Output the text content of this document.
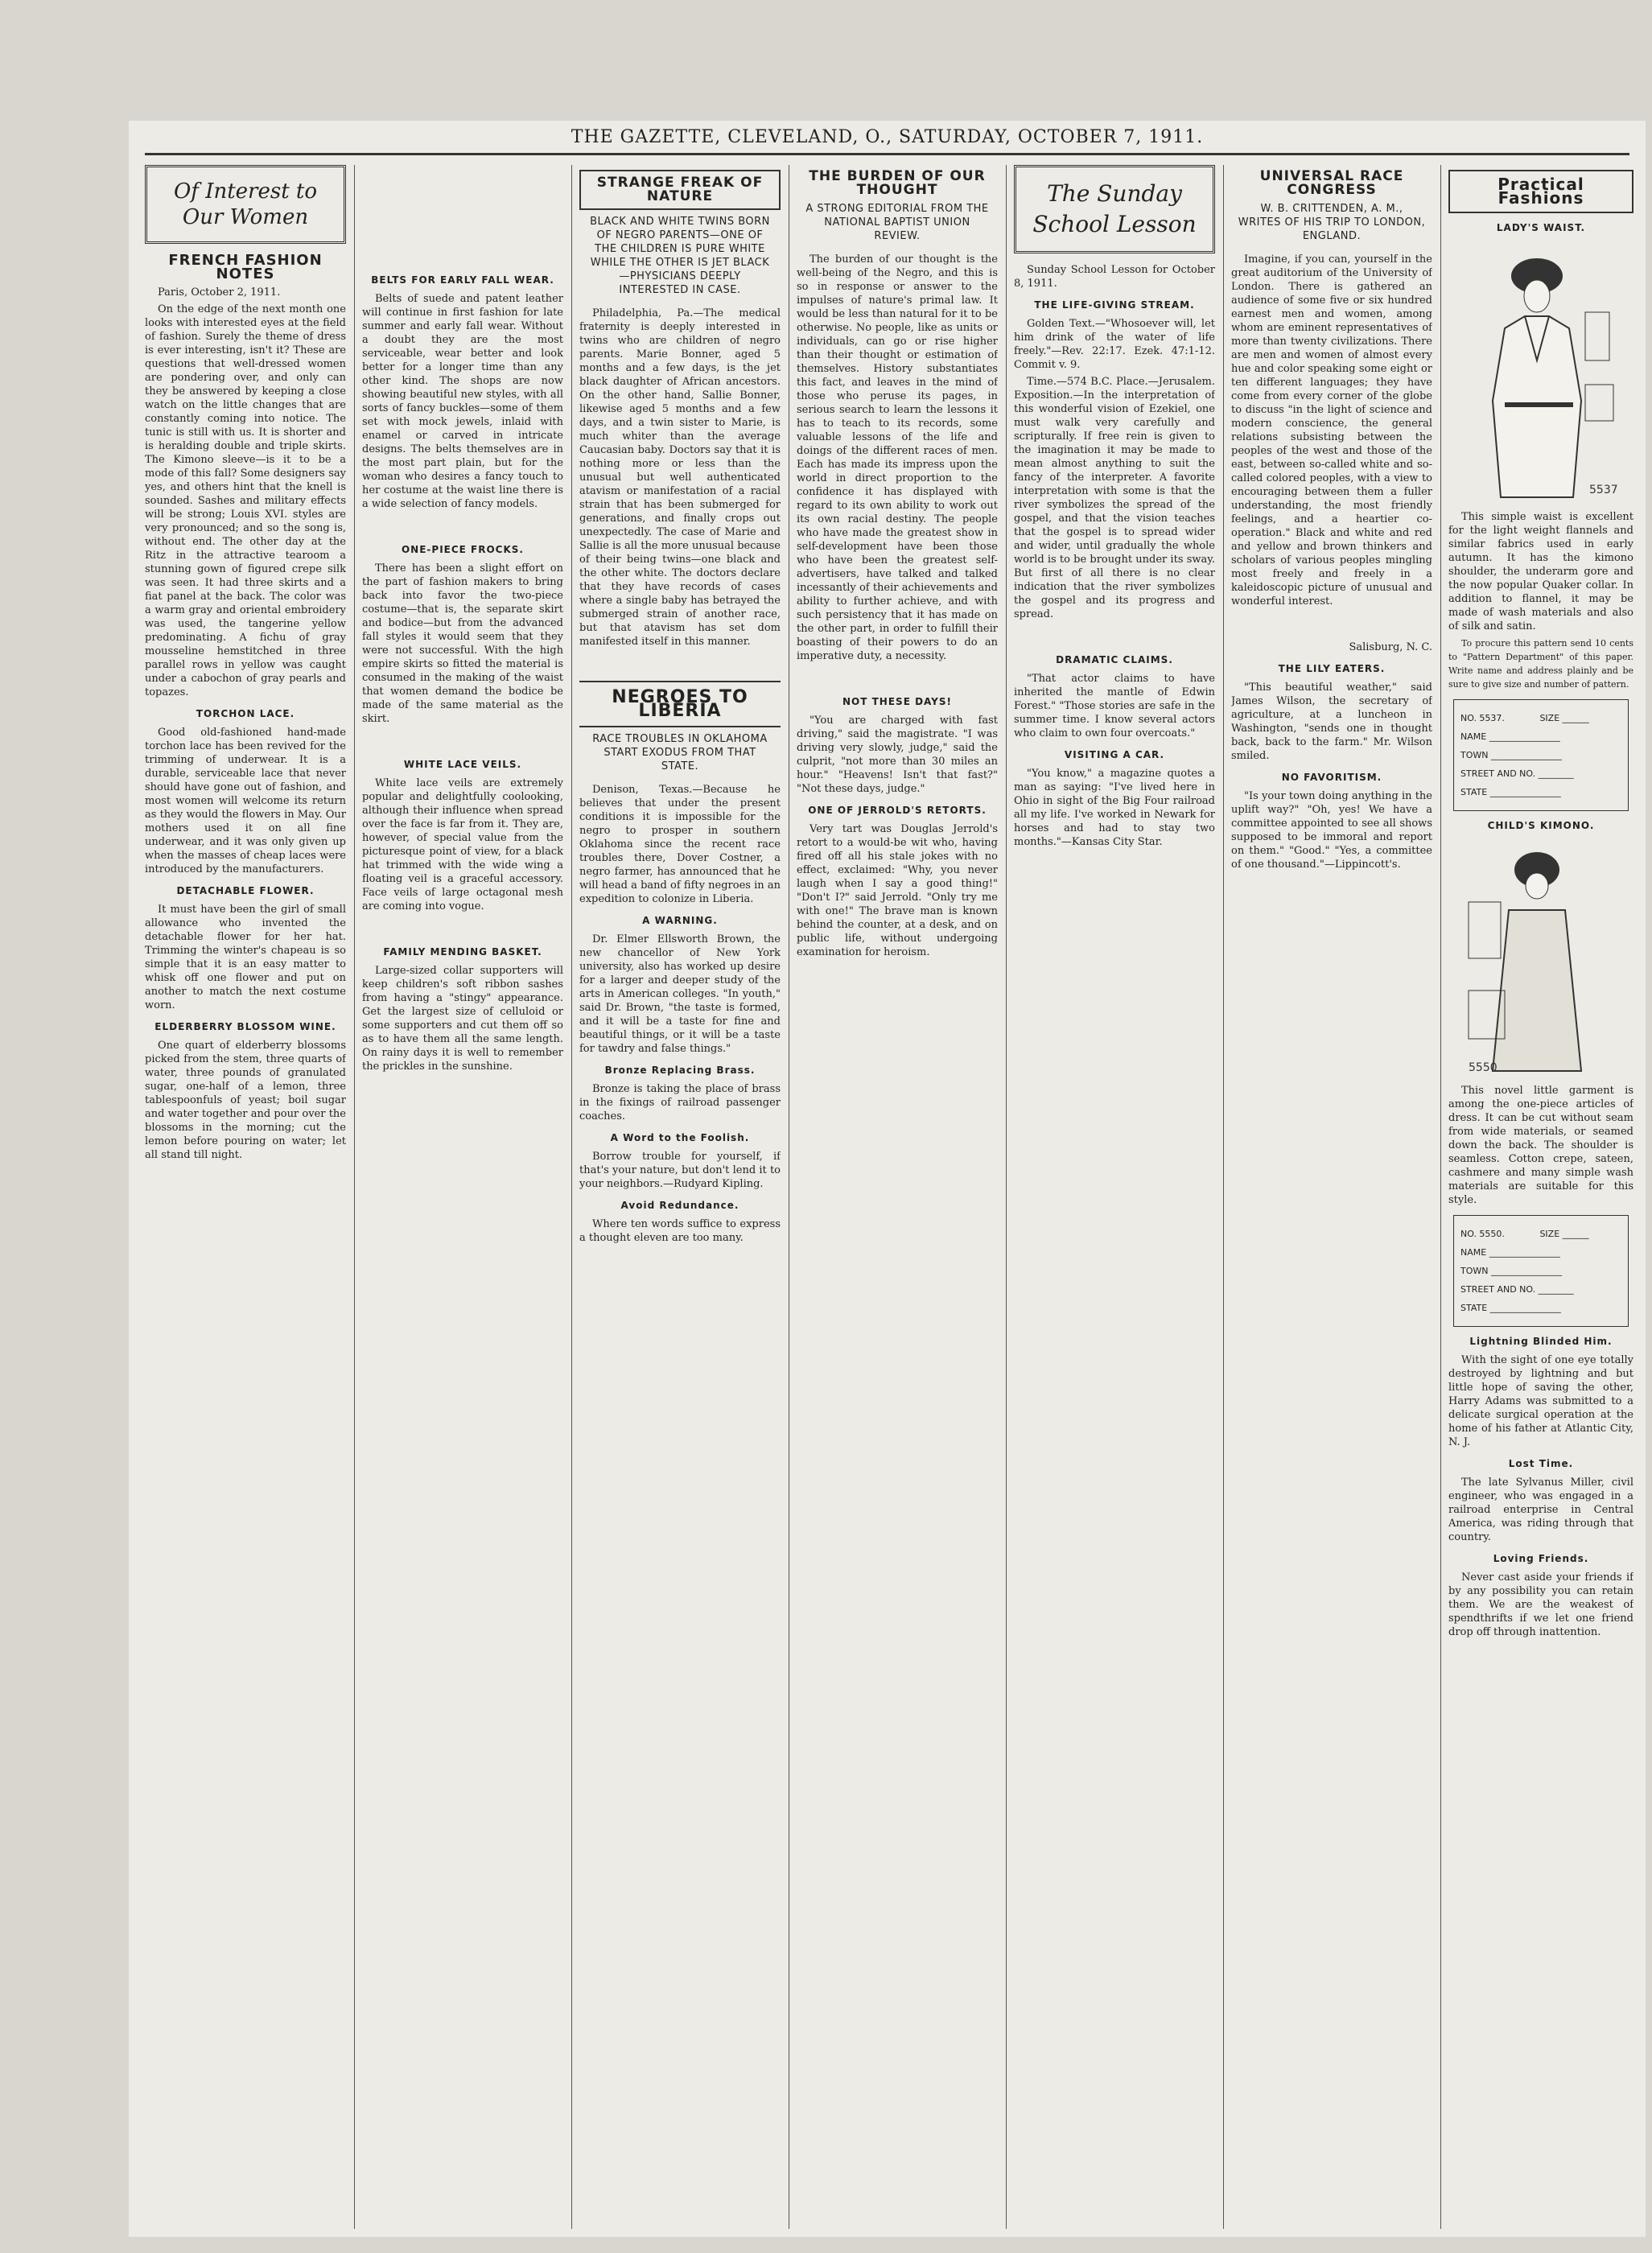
THE GAZETTE, CLEVELAND, O., SATURDAY, OCTOBER 7, 1911.
Of Interest to Our Women
FRENCH FASHION NOTES

Paris, October 2, 1911.

On the edge of the next month one looks with interested eyes at the field of fashion. Surely the theme of dress is ever interesting, isn't it? These are questions that well-dressed women are pondering over, and only can they be answered by keeping a close watch on the little changes that are constantly coming into notice. The tunic is still with us. It is shorter and is heralding double and triple skirts. The Kimono sleeve—is it to be a mode of this fall? Some designers say yes, and others hint that the knell is sounded. Sashes and military effects will be strong; Louis XVI. styles are very pronounced; and so the song is, without end. The other day at the Ritz in the attractive tearoom a stunning gown of figured crepe silk was seen. It had three skirts and a fiat panel at the back. The color was a warm gray and oriental embroidery was used, the tangerine yellow predominating. A fichu of gray mousseline hemstitched in three parallel rows in yellow was caught under a cabochon of gray pearls and topazes.

TORCHON LACE.

Good old-fashioned hand-made torchon lace has been revived for the trimming of underwear. It is a durable, serviceable lace that never should have gone out of fashion, and most women will welcome its return as they would the flowers in May. Our mothers used it on all fine underwear, and it was only given up when the masses of cheap laces were introduced by the manufacturers.

DETACHABLE FLOWER.

It must have been the girl of small allowance who invented the detachable flower for her hat. Trimming the winter's chapeau is so simple that it is an easy matter to whisk off one flower and put on another to match the next costume worn.

ELDERBERRY BLOSSOM WINE.

One quart of elderberry blossoms picked from the stem, three quarts of water, three pounds of granulated sugar, one-half of a lemon, three tablespoonfuls of yeast; boil sugar and water together and pour over the blossoms in the morning; cut the lemon before pouring on water; let all stand till night.

BELTS FOR EARLY FALL WEAR.

Belts of suede and patent leather will continue in first fashion for late summer and early fall wear. Without a doubt they are the most serviceable, wear better and look better for a longer time than any other kind. The shops are now showing beautiful new styles, with all sorts of fancy buckles—some of them set with mock jewels, inlaid with enamel or carved in intricate designs. The belts themselves are in the most part plain, but for the woman who desires a fancy touch to her costume at the waist line there is a wide selection of fancy models.

ONE-PIECE FROCKS.

There has been a slight effort on the part of fashion makers to bring back into favor the two-piece costume—that is, the separate skirt and bodice—but from the advanced fall styles it would seem that they were not successful. With the high empire skirts so fitted the material is consumed in the making of the waist that women demand the bodice be made of the same material as the skirt.

WHITE LACE VEILS.

White lace veils are extremely popular and delightfully coolooking, although their influence when spread over the face is far from it. They are, however, of special value from the picturesque point of view, for a black hat trimmed with the wide wing a floating veil is a graceful accessory. Face veils of large octagonal mesh are coming into vogue.

FAMILY MENDING BASKET.

Large-sized collar supporters will keep children's soft ribbon sashes from having a "stingy" appearance. Get the largest size of celluloid or some supporters and cut them off so as to have them all the same length. On rainy days it is well to remember the prickles in the sunshine.

STRANGE FREAK OF NATURE
BLACK AND WHITE TWINS BORN OF NEGRO PARENTS—ONE OF THE CHILDREN IS PURE WHITE WHILE THE OTHER IS JET BLACK—PHYSICIANS DEEPLY INTERESTED IN CASE.

Philadelphia, Pa.—The medical fraternity is deeply interested in twins who are children of negro parents. Marie Bonner, aged 5 months and a few days, is the jet black daughter of African ancestors. On the other hand, Sallie Bonner, likewise aged 5 months and a few days, and a twin sister to Marie, is much whiter than the average Caucasian baby. Doctors say that it is nothing more or less than the unusual but well authenticated atavism or manifestation of a racial strain that has been submerged for generations, and finally crops out unexpectedly. The case of Marie and Sallie is all the more unusual because of their being twins—one black and the other white. The doctors declare that they have records of cases where a single baby has betrayed the submerged strain of another race, but that atavism has set dom manifested itself in this manner.

NEGROES TO LIBERIA
RACE TROUBLES IN OKLAHOMA START EXODUS FROM THAT STATE.

Denison, Texas.—Because he believes that under the present conditions it is impossible for the negro to prosper in southern Oklahoma since the recent race troubles there, Dover Costner, a negro farmer, has announced that he will head a band of fifty negroes in an expedition to colonize in Liberia.

A WARNING.

Dr. Elmer Ellsworth Brown, the new chancellor of New York university, also has worked up desire for a larger and deeper study of the arts in American colleges. "In youth," said Dr. Brown, "the taste is formed, and it will be a taste for fine and beautiful things, or it will be a taste for tawdry and false things."

Bronze Replacing Brass.

Bronze is taking the place of brass in the fixings of railroad passenger coaches.

A Word to the Foolish.

Borrow trouble for yourself, if that's your nature, but don't lend it to your neighbors.—Rudyard Kipling.

Avoid Redundance.

Where ten words suffice to express a thought eleven are too many.

THE BURDEN OF OUR THOUGHT
A STRONG EDITORIAL FROM THE NATIONAL BAPTIST UNION REVIEW.

The burden of our thought is the well-being of the Negro, and this is so in response or answer to the impulses of nature's primal law. It would be less than natural for it to be otherwise. No people, like as units or individuals, can go or rise higher than their thought or estimation of themselves. History substantiates this fact, and leaves in the mind of those who peruse its pages, in serious search to learn the lessons it has to teach to its records, some valuable lessons of the life and doings of the different races of men. Each has made its impress upon the world in direct proportion to the confidence it has displayed with regard to its own ability to work out its own racial destiny. The people who have made the greatest show in self-development have been those who have been the greatest self-advertisers, have talked and talked incessantly of their achievements and ability to further achieve, and with such persistency that it has made on the other part, in order to fulfill their boasting of their powers to do an imperative duty, a necessity.

NOT THESE DAYS!

"You are charged with fast driving," said the magistrate. "I was driving very slowly, judge," said the culprit, "not more than 30 miles an hour." "Heavens! Isn't that fast?" "Not these days, judge."

ONE OF JERROLD'S RETORTS.

Very tart was Douglas Jerrold's retort to a would-be wit who, having fired off all his stale jokes with no effect, exclaimed: "Why, you never laugh when I say a good thing!" "Don't I?" said Jerrold. "Only try me with one!" The brave man is known behind the counter, at a desk, and on public life, without undergoing examination for heroism.

The Sunday
School Lesson

Sunday School Lesson for October 8, 1911.

THE LIFE-GIVING STREAM.

Golden Text.—"Whosoever will, let him drink of the water of life freely."—Rev. 22:17. Ezek. 47:1-12. Commit v. 9.

Time.—574 B.C. Place.—Jerusalem. Exposition.—In the interpretation of this wonderful vision of Ezekiel, one must walk very carefully and scripturally. If free rein is given to the imagination it may be made to mean almost anything to suit the fancy of the interpreter. A favorite interpretation with some is that the river symbolizes the spread of the gospel, and that the vision teaches that the gospel is to spread wider and wider, until gradually the whole world is to be brought under its sway. But first of all there is no clear indication that the river symbolizes the gospel and its progress and spread.

DRAMATIC CLAIMS.

"That actor claims to have inherited the mantle of Edwin Forest." "Those stories are safe in the summer time. I know several actors who claim to own four overcoats."

VISITING A CAR.

"You know," a magazine quotes a man as saying: "I've lived here in Ohio in sight of the Big Four railroad all my life. I've worked in Newark for horses and had to stay two months."—Kansas City Star.

UNIVERSAL RACE CONGRESS
W. B. CRITTENDEN, A. M., WRITES OF HIS TRIP TO LONDON, ENGLAND.

Imagine, if you can, yourself in the great auditorium of the University of London. There is gathered an audience of some five or six hundred earnest men and women, among whom are eminent representatives of more than twenty civilizations. There are men and women of almost every hue and color speaking some eight or ten different languages; they have come from every corner of the globe to discuss "in the light of science and modern conscience, the general relations subsisting between the peoples of the west and those of the east, between so-called white and so-called colored peoples, with a view to encouraging between them a fuller understanding, the most friendly feelings, and a heartier co-operation." Black and white and red and yellow and brown thinkers and scholars of various peoples mingling most freely and freely in a kaleidoscopic picture of unusual and wonderful interest.

Salisburg, N. C.

THE LILY EATERS.

"This beautiful weather," said James Wilson, the secretary of agriculture, at a luncheon in Washington, "sends one in thought back, back to the farm." Mr. Wilson smiled.

NO FAVORITISM.

"Is your town doing anything in the uplift way?" "Oh, yes! We have a committee appointed to see all shows supposed to be immoral and report on them." "Good." "Yes, a committee of one thousand."—Lippincott's.

Practical Fashions
LADY'S WAIST.
5537

This simple waist is excellent for the light weight flannels and similar fabrics used in early autumn. It has the kimono shoulder, the underarm gore and the now popular Quaker collar. In addition to flannel, it may be made of wash materials and also of silk and satin.

To procure this pattern send 10 cents to "Pattern Department" of this paper. Write name and address plainly and be sure to give size and number of pattern.

NO. 5537.	SIZE ______
NAME ________________
TOWN ________________
STREET AND NO. ________
STATE ________________
CHILD'S KIMONO.
5550

This novel little garment is among the one-piece articles of dress. It can be cut without seam from wide materials, or seamed down the back. The shoulder is seamless. Cotton crepe, sateen, cashmere and many simple wash materials are suitable for this style.

NO. 5550.	SIZE ______
NAME ________________
TOWN ________________
STREET AND NO. ________
STATE ________________
Lightning Blinded Him.

With the sight of one eye totally destroyed by lightning and but little hope of saving the other, Harry Adams was submitted to a delicate surgical operation at the home of his father at Atlantic City, N. J.

Lost Time.

The late Sylvanus Miller, civil engineer, who was engaged in a railroad enterprise in Central America, was riding through that country.

Loving Friends.

Never cast aside your friends if by any possibility you can retain them. We are the weakest of spendthrifts if we let one friend drop off through inattention.
